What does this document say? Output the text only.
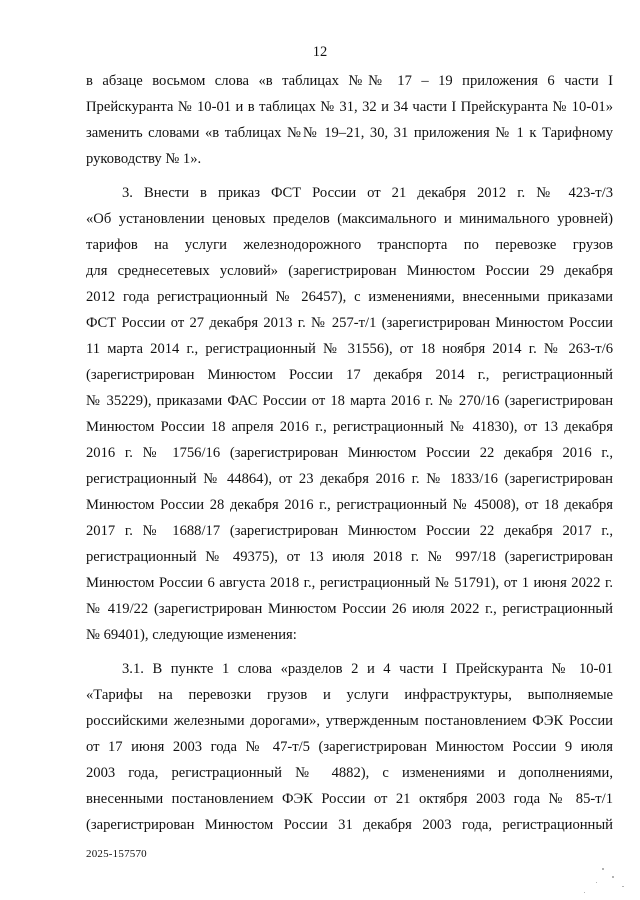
12
в абзаце восьмом слова «в таблицах №№ 17 – 19 приложения 6 части I
Прейскуранта № 10-01 и в таблицах № 31, 32 и 34 части I Прейскуранта № 10-01»
заменить словами «в таблицах №№ 19–21, 30, 31 приложения № 1 к Тарифному
руководству № 1».
3. Внести в приказ ФСТ России от 21 декабря 2012 г. № 423-т/3
«Об установлении ценовых пределов (максимального и минимального уровней)
тарифов на услуги железнодорожного транспорта по перевозке грузов
для среднесетевых условий» (зарегистрирован Минюстом России 29 декабря
2012 года регистрационный № 26457), с изменениями, внесенными приказами
ФСТ России от 27 декабря 2013 г. № 257-т/1 (зарегистрирован Минюстом России
11 марта 2014 г., регистрационный № 31556), от 18 ноября 2014 г. № 263-т/6
(зарегистрирован Минюстом России 17 декабря 2014 г., регистрационный
№ 35229), приказами ФАС России от 18 марта 2016 г. № 270/16 (зарегистрирован
Минюстом России 18 апреля 2016 г., регистрационный № 41830), от 13 декабря
2016 г. № 1756/16 (зарегистрирован Минюстом России 22 декабря 2016 г.,
регистрационный № 44864), от 23 декабря 2016 г. № 1833/16 (зарегистрирован
Минюстом России 28 декабря 2016 г., регистрационный № 45008), от 18 декабря
2017 г. № 1688/17 (зарегистрирован Минюстом России 22 декабря 2017 г.,
регистрационный № 49375), от 13 июля 2018 г. № 997/18 (зарегистрирован
Минюстом России 6 августа 2018 г., регистрационный № 51791), от 1 июня 2022 г.
№ 419/22 (зарегистрирован Минюстом России 26 июля 2022 г., регистрационный
№ 69401), следующие изменения:
3.1. В пункте 1 слова «разделов 2 и 4 части I Прейскуранта № 10-01
«Тарифы на перевозки грузов и услуги инфраструктуры, выполняемые
российскими железными дорогами», утвержденным постановлением ФЭК России
от 17 июня 2003 года № 47-т/5 (зарегистрирован Минюстом России 9 июля
2003 года, регистрационный № 4882), с изменениями и дополнениями,
внесенными постановлением ФЭК России от 21 октября 2003 года № 85-т/1
(зарегистрирован Минюстом России 31 декабря 2003 года, регистрационный
2025-157570
